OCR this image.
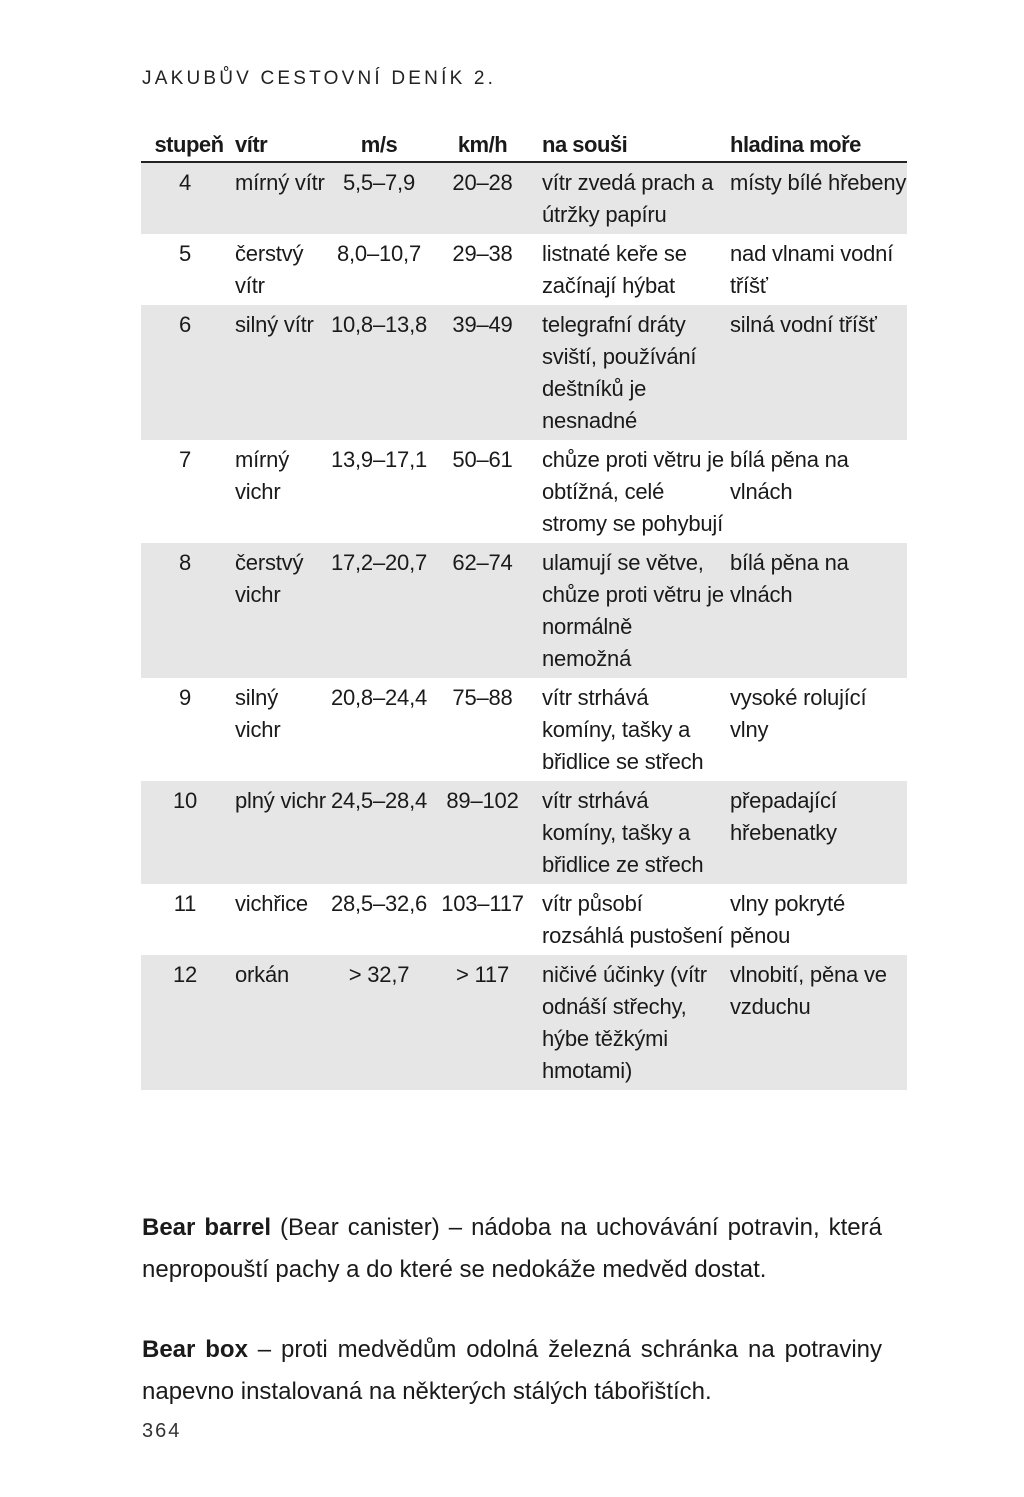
JAKUBŮV CESTOVNÍ DENÍK 2.
stupeň	vítr	m/s	km/h	na souši	hladina moře
4	mírný vítr	5,5–7,9	20–28	vítr zvedá prach a útržky papíru	místy bílé hřebeny
5	čerstvý vítr	8,0–10,7	29–38	listnaté keře se začínají hýbat	nad vlnami vodní tříšť
6	silný vítr	10,8–13,8	39–49	telegrafní dráty sviští, používání deštníků je nesnadné	silná vodní tříšť
7	mírný vichr	13,9–17,1	50–61	chůze proti větru je obtížná, celé stromy se pohybují	bílá pěna na vlnách
8	čerstvý vichr	17,2–20,7	62–74	ulamují se větve, chůze proti větru je normálně nemožná	bílá pěna na vlnách
9	silný vichr	20,8–24,4	75–88	vítr strhává komíny, tašky a břidlice se střech	vysoké rolující vlny
10	plný vichr	24,5–28,4	89–102	vítr strhává komíny, tašky a břidlice ze střech	přepadající hřebenatky
11	vichřice	28,5–32,6	103–117	vítr působí rozsáhlá pustošení	vlny pokryté pěnou
12	orkán	> 32,7	> 117	ničivé účinky (vítr odnáší střechy, hýbe těžkými hmotami)	vlnobití, pěna ve vzduchu

Bear barrel (Bear canister) – nádoba na uchovávání potravin, která nepropouští pachy a do které se nedokáže medvěd dostat.

Bear box – proti medvědům odolná železná schránka na potraviny napevno instalovaná na některých stálých tábořištích.

364
